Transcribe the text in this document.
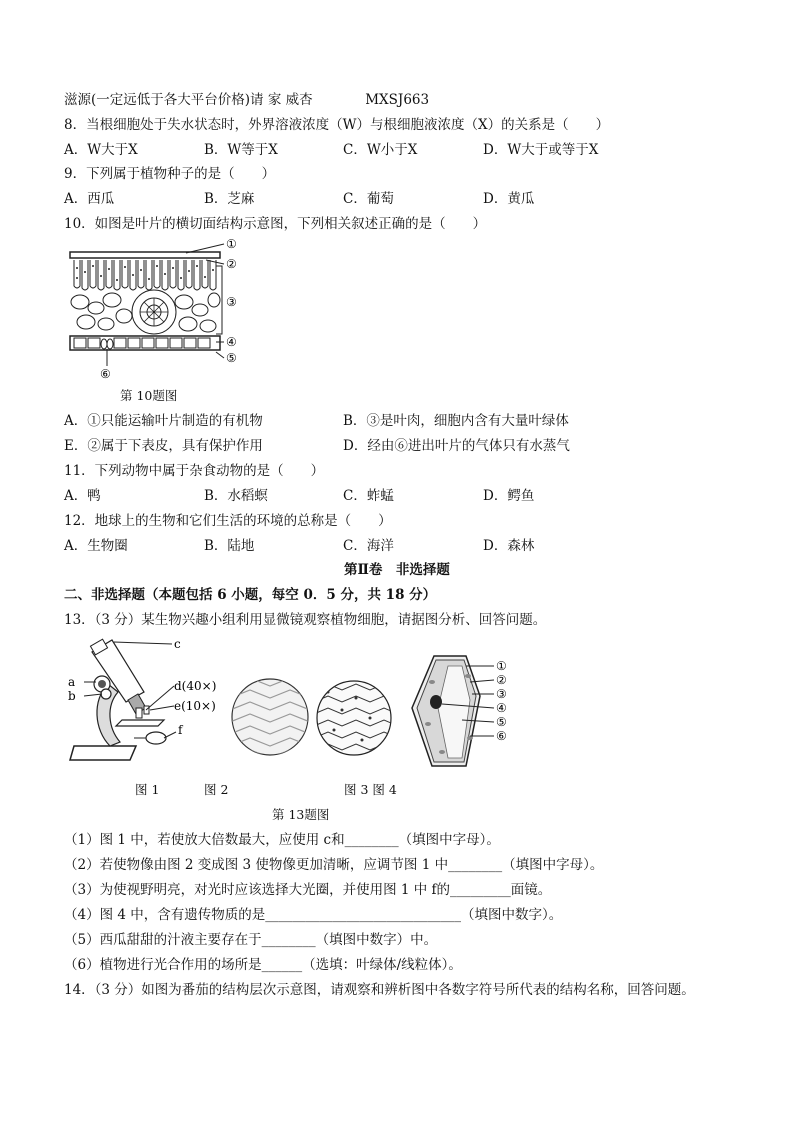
滋源(一定远低于各大平台价格)请 家 威杏	MXSJ663
8．当根细胞处于失水状态时，外界溶液浓度（W）与根细胞液浓度（X）的关系是（　　）
A．W大于X	B．W等于X	C．W小于X	D．W大于或等于X
9．下列属于植物种子的是（　　）
A．西瓜	B．芝麻	C．葡萄	D．黄瓜
10．如图是叶片的横切面结构示意图，下列相关叙述正确的是（　　）
①
②
③
④
⑤
⑥
第 10题图
A．①只能运输叶片制造的有机物	B．③是叶肉，细胞内含有大量叶绿体
E．②属于下表皮，具有保护作用	D．经由⑥进出叶片的气体只有水蒸气
11．下列动物中属于杂食动物的是（　　）
A．鸭	B．水稻螟	C．蚱蜢	D．鳄鱼
12．地球上的生物和它们生活的环境的总称是（　　）
A．生物圈	B．陆地	C．海洋	D．森林
第Ⅱ卷　非选择题
二、非选择题（本题包括 6 小题，每空 0．5 分，共 18 分）
13．（3 分）某生物兴趣小组利用显微镜观察植物细胞，请据图分析、回答问题。
c
a
b
d(40×)
e(10×)
f
①
②
③
④
⑤
⑥
图 1	图 2	图 3 图 4
第 13题图
（1）图 1 中，若使放大倍数最大，应使用 c和________（填图中字母）。
（2）若使物像由图 2 变成图 3 使物像更加清晰，应调节图 1 中________（填图中字母）。
（3）为使视野明亮，对光时应该选择大光圈，并使用图 1 中 f的_________面镜。
（4）图 4 中，含有遗传物质的是_____________________________（填图中数字）。
（5）西瓜甜甜的汁液主要存在于________（填图中数字）中。
（6）植物进行光合作用的场所是______（选填：叶绿体/线粒体）。
14．（3 分）如图为番茄的结构层次示意图，请观察和辨析图中各数字符号所代表的结构名称，回答问题。
